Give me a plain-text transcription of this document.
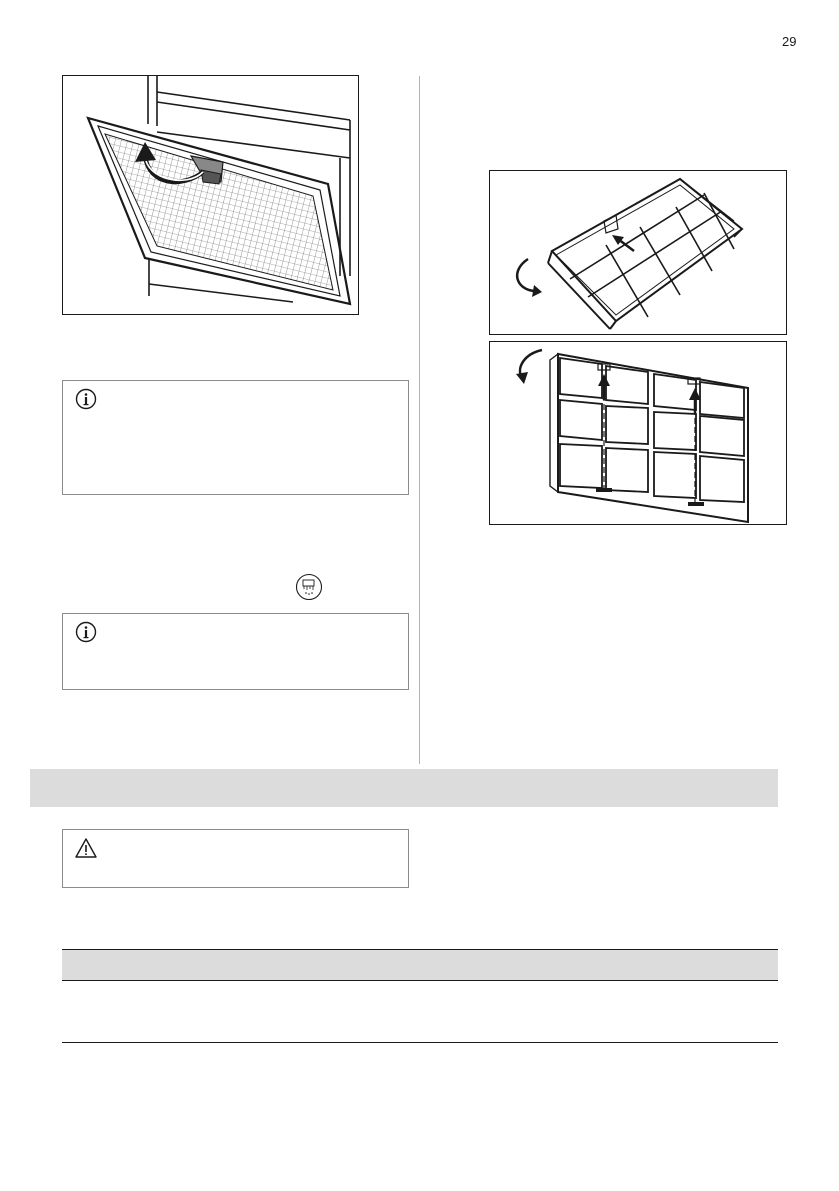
29
